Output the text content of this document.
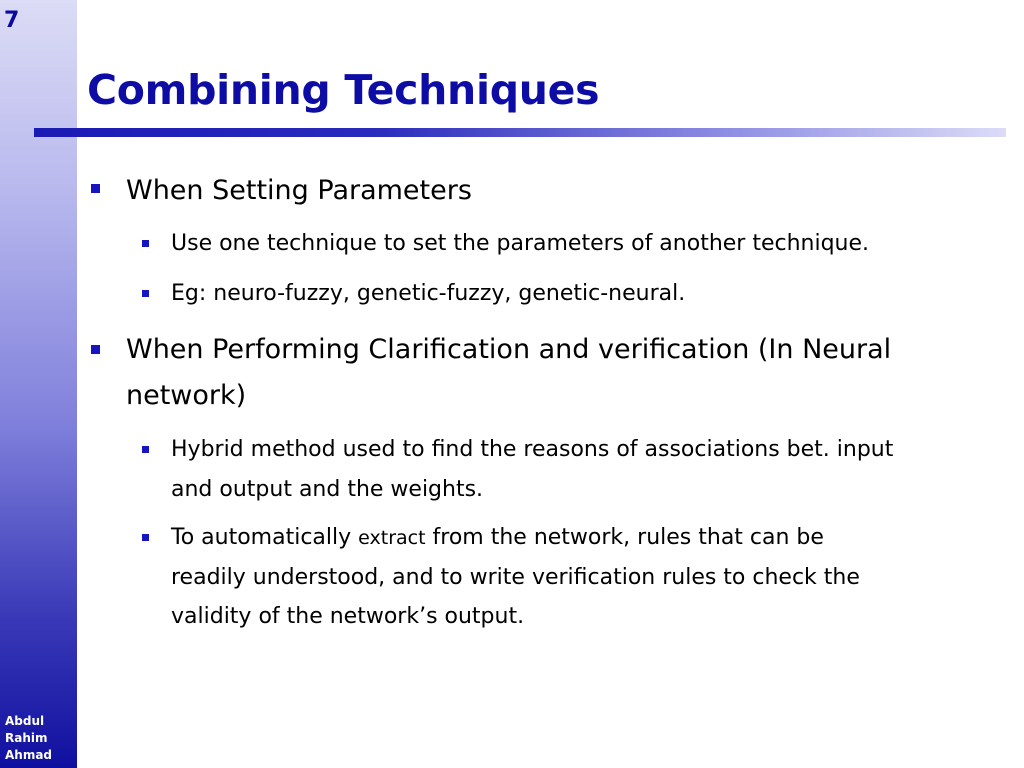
7
Abdul
Rahim
Ahmad
Combining Techniques
When Setting Parameters
Use one technique to set the parameters of another technique.
Eg: neuro-fuzzy, genetic-fuzzy, genetic-neural.
When Performing Clarification and verification (In Neural
network)
Hybrid method used to find the reasons of associations bet. input
and output and the weights.
To automatically extract from the network, rules that can be
readily understood, and to write verification rules to check the
validity of the network’s output.
